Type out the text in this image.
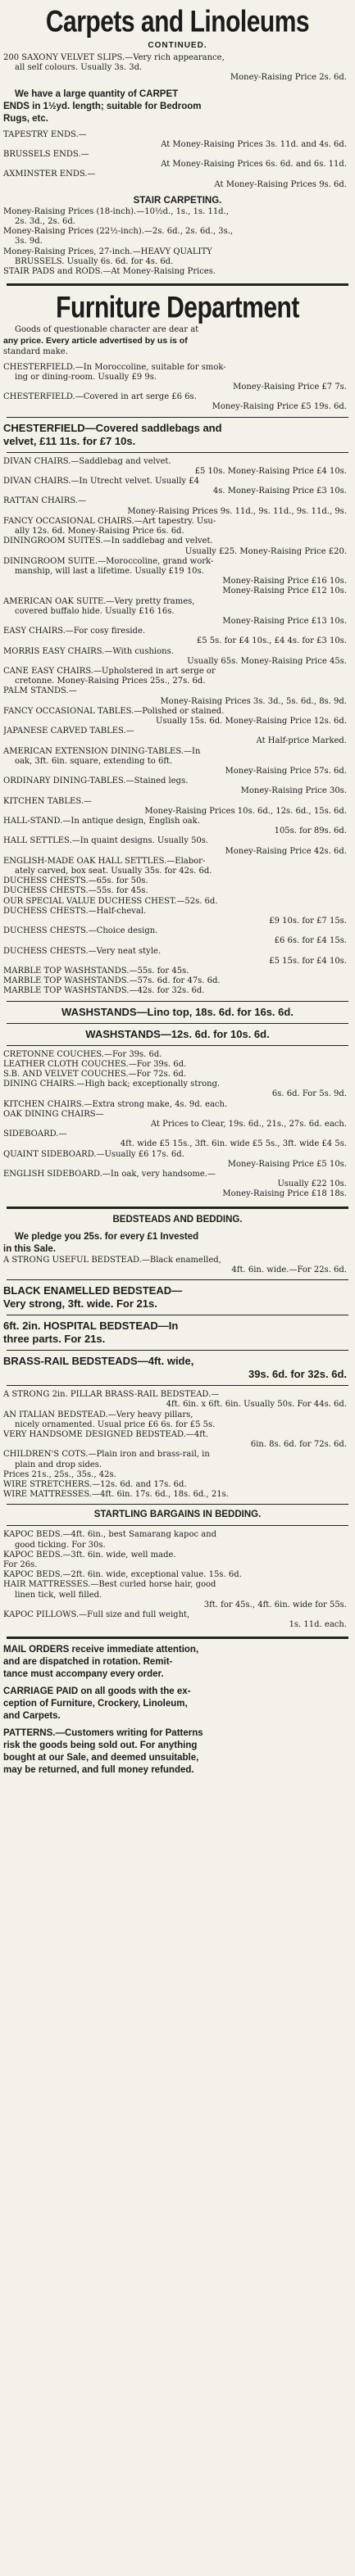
Carpets and Linoleums
CONTINUED.
200 SAXONY VELVET SLIPS.—Very rich appearance,
all self colours. Usually 3s. 3d.
Money-Raising Price 2s. 6d.
We have a large quantity of CARPET
ENDS in 1½yd. length; suitable for Bedroom
Rugs, etc.
TAPESTRY ENDS.—
At Money-Raising Prices 3s. 11d. and 4s. 6d.
BRUSSELS ENDS.—
At Money-Raising Prices 6s. 6d. and 6s. 11d.
AXMINSTER ENDS.—
At Money-Raising Prices 9s. 6d.
STAIR CARPETING.
Money-Raising Prices (18-inch).—10½d., 1s., 1s. 11d.,
2s. 3d., 2s. 6d.
Money-Raising Prices (22½-inch).—2s. 6d., 2s. 6d., 3s.,
3s. 9d.
Money-Raising Prices, 27-inch.—HEAVY QUALITY
BRUSSELS. Usually 6s. 6d. for 4s. 6d.
STAIR PADS and RODS.—At Money-Raising Prices.
Furniture Department
Goods of questionable character are dear at
any price. Every article advertised by us is of
standard make.
CHESTERFIELD.—In Moroccoline, suitable for smok-
ing or dining-room. Usually £9 9s.
Money-Raising Price £7 7s.
CHESTERFIELD.—Covered in art serge £6 6s.
Money-Raising Price £5 19s. 6d.
CHESTERFIELD—Covered saddlebags and
velvet, £11 11s. for £7 10s.
DIVAN CHAIRS.—Saddlebag and velvet.
£5 10s. Money-Raising Price £4 10s.
DIVAN CHAIRS.—In Utrecht velvet. Usually £4
4s. Money-Raising Price £3 10s.
RATTAN CHAIRS.—
Money-Raising Prices 9s. 11d., 9s. 11d., 9s. 11d., 9s.
FANCY OCCASIONAL CHAIRS.—Art tapestry. Usu-
ally 12s. 6d. Money-Raising Price 6s. 6d.
DININGROOM SUITES.—In saddlebag and velvet.
Usually £25. Money-Raising Price £20.
DININGROOM SUITE.—Moroccoline, grand work-
manship, will last a lifetime. Usually £19 10s.
Money-Raising Price £16 10s.
Money-Raising Price £12 10s.
AMERICAN OAK SUITE.—Very pretty frames,
covered buffalo hide. Usually £16 16s.
Money-Raising Price £13 10s.
EASY CHAIRS.—For cosy fireside.
£5 5s. for £4 10s., £4 4s. for £3 10s.
MORRIS EASY CHAIRS.—With cushions.
Usually 65s. Money-Raising Price 45s.
CANE EASY CHAIRS.—Upholstered in art serge or
cretonne. Money-Raising Prices 25s., 27s. 6d.
PALM STANDS.—
Money-Raising Prices 3s. 3d., 5s. 6d., 8s. 9d.
FANCY OCCASIONAL TABLES.—Polished or stained.
Usually 15s. 6d. Money-Raising Price 12s. 6d.
JAPANESE CARVED TABLES.—
At Half-price Marked.
AMERICAN EXTENSION DINING-TABLES.—In
oak, 3ft. 6in. square, extending to 6ft.
Money-Raising Price 57s. 6d.
ORDINARY DINING-TABLES.—Stained legs.
Money-Raising Price 30s.
KITCHEN TABLES.—
Money-Raising Prices 10s. 6d., 12s. 6d., 15s. 6d.
HALL-STAND.—In antique design, English oak.
105s. for 89s. 6d.
HALL SETTLES.—In quaint designs. Usually 50s.
Money-Raising Price 42s. 6d.
ENGLISH-MADE OAK HALL SETTLES.—Elabor-
ately carved, box seat. Usually 35s. for 42s. 6d.
DUCHESS CHESTS.—65s. for 50s.
DUCHESS CHESTS.—55s. for 45s.
OUR SPECIAL VALUE DUCHESS CHEST.—52s. 6d.
DUCHESS CHESTS.—Half-cheval.
£9 10s. for £7 15s.
DUCHESS CHESTS.—Choice design.
£6 6s. for £4 15s.
DUCHESS CHESTS.—Very neat style.
£5 15s. for £4 10s.
MARBLE TOP WASHSTANDS.—55s. for 45s.
MARBLE TOP WASHSTANDS.—57s. 6d. for 47s. 6d.
MARBLE TOP WASHSTANDS.—42s. for 32s. 6d.
WASHSTANDS—Lino top, 18s. 6d. for 16s. 6d.
WASHSTANDS—12s. 6d. for 10s. 6d.
CRETONNE COUCHES.—For 39s. 6d.
LEATHER CLOTH COUCHES.—For 39s. 6d.
S.B. AND VELVET COUCHES.—For 72s. 6d.
DINING CHAIRS.—High back; exceptionally strong.
6s. 6d. For 5s. 9d.
KITCHEN CHAIRS.—Extra strong make, 4s. 9d. each.
OAK DINING CHAIRS—
At Prices to Clear, 19s. 6d., 21s., 27s. 6d. each.
SIDEBOARD.—
4ft. wide £5 15s., 3ft. 6in. wide £5 5s., 3ft. wide £4 5s.
QUAINT SIDEBOARD.—Usually £6 17s. 6d.
Money-Raising Price £5 10s.
ENGLISH SIDEBOARD.—In oak, very handsome.—
Usually £22 10s.
Money-Raising Price £18 18s.
BEDSTEADS AND BEDDING.
We pledge you 25s. for every £1 Invested
in this Sale.
A STRONG USEFUL BEDSTEAD.—Black enamelled,
4ft. 6in. wide.—For 22s. 6d.
BLACK ENAMELLED BEDSTEAD—
Very strong, 3ft. wide. For 21s.
6ft. 2in. HOSPITAL BEDSTEAD—In
three parts. For 21s.
BRASS-RAIL BEDSTEADS—4ft. wide,
39s. 6d. for 32s. 6d.
A STRONG 2in. PILLAR BRASS-RAIL BEDSTEAD.—
4ft. 6in. x 6ft. 6in. Usually 50s. For 44s. 6d.
AN ITALIAN BEDSTEAD.—Very heavy pillars,
nicely ornamented. Usual price £6 6s. for £5 5s.
VERY HANDSOME DESIGNED BEDSTEAD.—4ft.
6in. 8s. 6d. for 72s. 6d.
CHILDREN'S COTS.—Plain iron and brass-rail, in
plain and drop sides.
Prices 21s., 25s., 35s., 42s.
WIRE STRETCHERS.—12s. 6d. and 17s. 6d.
WIRE MATTRESSES.—4ft. 6in. 17s. 6d., 18s. 6d., 21s.
STARTLING BARGAINS IN BEDDING.
KAPOC BEDS.—4ft. 6in., best Samarang kapoc and
good ticking. For 30s.
KAPOC BEDS.—3ft. 6in. wide, well made.
For 26s.
KAPOC BEDS.—2ft. 6in. wide, exceptional value. 15s. 6d.
HAIR MATTRESSES.—Best curled horse hair, good
linen tick, well filled.
3ft. for 45s., 4ft. 6in. wide for 55s.
KAPOC PILLOWS.—Full size and full weight,
1s. 11d. each.
MAIL ORDERS receive immediate attention,
and are dispatched in rotation. Remit-
tance must accompany every order.
CARRIAGE PAID on all goods with the ex-
ception of Furniture, Crockery, Linoleum,
and Carpets.
PATTERNS.—Customers writing for Patterns
risk the goods being sold out. For anything
bought at our Sale, and deemed unsuitable,
may be returned, and full money refunded.
